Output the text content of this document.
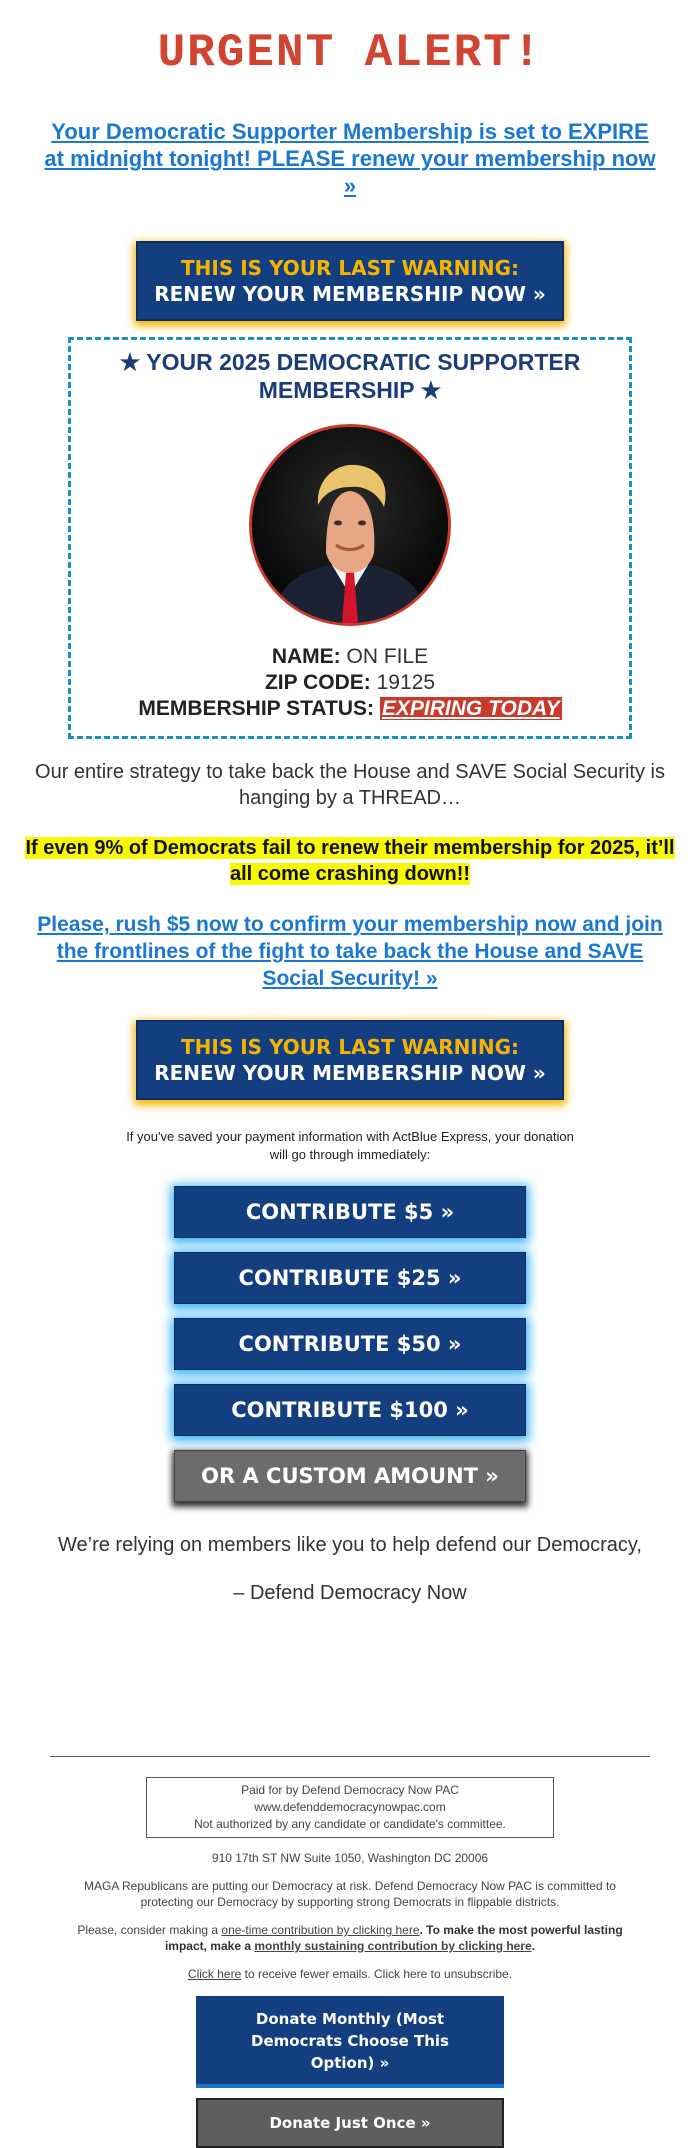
URGENT ALERT!
Your Democratic Supporter Membership is set to EXPIRE at midnight tonight! PLEASE renew your membership now »
THIS IS YOUR LAST WARNING: RENEW YOUR MEMBERSHIP NOW »

★ YOUR 2025 DEMOCRATIC SUPPORTER MEMBERSHIP ★

NAME: ON FILE
ZIP CODE: 19125
MEMBERSHIP STATUS: EXPIRING TODAY

Our entire strategy to take back the House and SAVE Social Security is hanging by a THREAD…

If even 9% of Democrats fail to renew their membership for 2025, it’ll all come crashing down!!

Please, rush $5 now to confirm your membership now and join the frontlines of the fight to take back the House and SAVE Social Security! »
THIS IS YOUR LAST WARNING: RENEW YOUR MEMBERSHIP NOW »

If you've saved your payment information with ActBlue Express, your donation will go through immediately:

CONTRIBUTE $5 »
CONTRIBUTE $25 »
CONTRIBUTE $50 »
CONTRIBUTE $100 »
OR A CUSTOM AMOUNT »

We’re relying on members like you to help defend our Democracy,

– Defend Democracy Now

Paid for by Defend Democracy Now PAC
www.defenddemocracynowpac.com
Not authorized by any candidate or candidate's committee.

910 17th ST NW Suite 1050, Washington DC 20006

MAGA Republicans are putting our Democracy at risk. Defend Democracy Now PAC is committed to protecting our Democracy by supporting strong Democrats in flippable districts.

Please, consider making a one-time contribution by clicking here. To make the most powerful lasting impact, make a monthly sustaining contribution by clicking here.

Click here to receive fewer emails. Click here to unsubscribe.

Donate Monthly (Most Democrats Choose This Option) »
Donate Just Once »
